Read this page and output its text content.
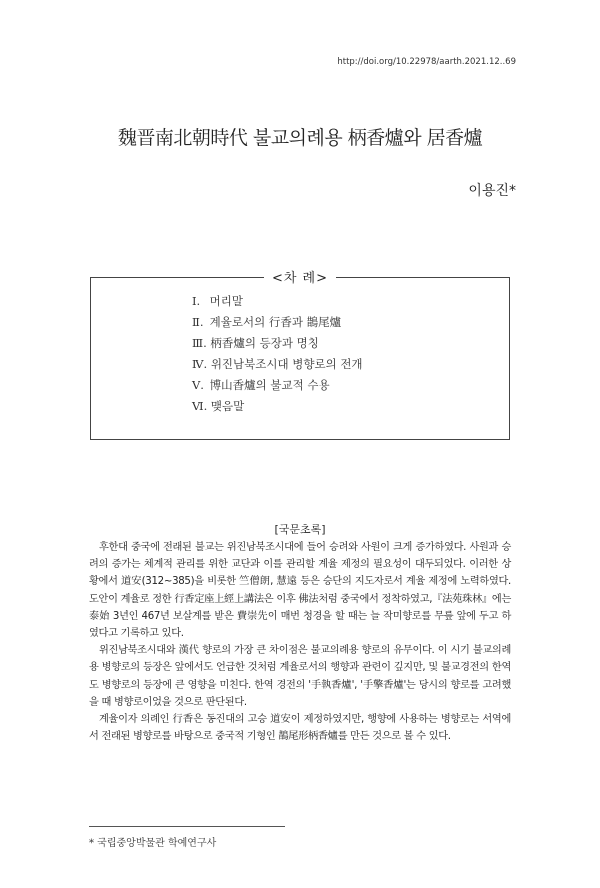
http://doi.org/10.22978/aarth.2021.12..69
魏晋南北朝時代 불교의례용 柄香爐와 居香爐
이용진*
<차 례>
Ⅰ. 머리말
Ⅱ. 계율로서의 行香과 鵲尾爐
Ⅲ. 柄香爐의 등장과 명칭
Ⅳ. 위진남북조시대 병향로의 전개
Ⅴ. 博山香爐의 불교적 수용
Ⅵ. 맺음말
[국문초록]

후한대 중국에 전래된 불교는 위진남북조시대에 들어 승려와 사원이 크게 증가하였다. 사원과 승려의 증가는 체계적 관리를 위한 교단과 이를 관리할 계율 제정의 필요성이 대두되었다. 이러한 상황에서 道安(312~385)을 비롯한 竺僧朗, 慧遠 등은 승단의 지도자로서 계율 제정에 노력하였다. 도안이 계율로 정한 行香定座上經上講法은 이후 佛法처럼 중국에서 정착하였고,『法苑珠林』에는 泰始 3년인 467년 보살계를 받은 費崇先이 매번 청경을 할 때는 늘 작미향로를 무릎 앞에 두고 하였다고 기록하고 있다.

위진남북조시대와 漢代 향로의 가장 큰 차이점은 불교의례용 향로의 유무이다. 이 시기 불교의례용 병향로의 등장은 앞에서도 언급한 것처럼 계율로서의 행향과 관련이 깊지만, 및 불교경전의 한역도 병향로의 등장에 큰 영향을 미친다. 한역 경전의 '手執香爐', '手擎香爐'는 당시의 향로를 고려했을 때 병향로이었을 것으로 판단된다.

계율이자 의례인 行香은 동진대의 고승 道安이 제정하였지만, 행향에 사용하는 병향로는 서역에서 전래된 병향로를 바탕으로 중국적 기형인 鵲尾形柄香爐를 만든 것으로 볼 수 있다.

* 국립중앙박물관 학예연구사
